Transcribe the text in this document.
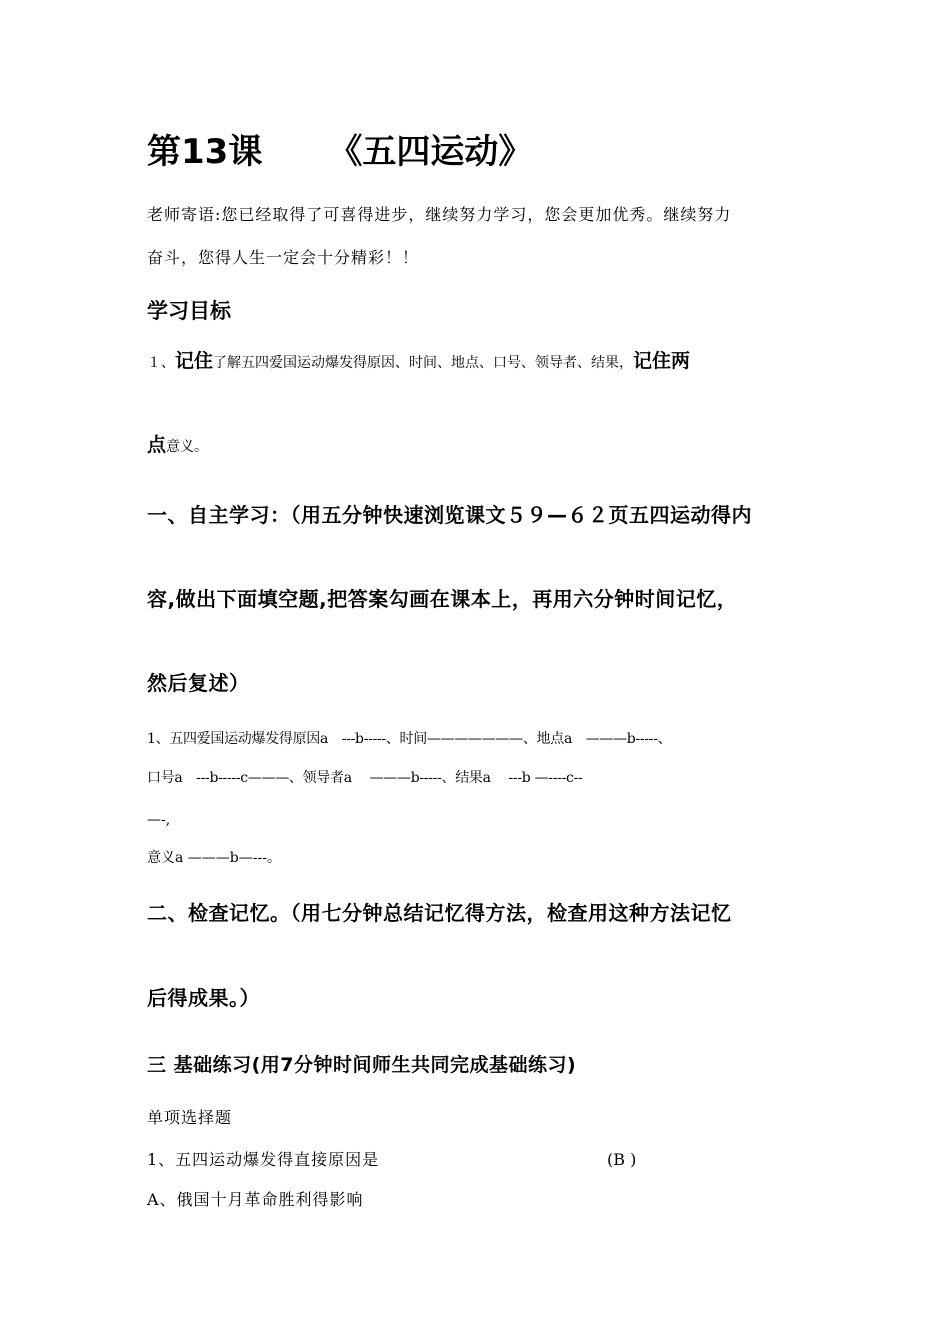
第13课 《五四运动》
老师寄语:您已经取得了可喜得进步，继续努力学习，您会更加优秀。继续努力
奋斗，您得人生一定会十分精彩！！
学习目标
１、记住了解五四爱国运动爆发得原因、时间、地点、口号、领导者、结果，记住两
点意义。
一、自主学习：（用五分钟快速浏览课文５９—６２页五四运动得内
容,做出下面填空题,把答案勾画在课本上，再用六分钟时间记忆，
然后复述）
1、五四爱国运动爆发得原因a　---b-----、时间———————、地点a　———b-----、
口号a　---b-----c———、领导者a　 ———b-----、结果a　 ---b —----c--
—-,
意义a ———b—---。
二、检查记忆。（用七分钟总结记忆得方法，检查用这种方法记忆
后得成果。）
三 基础练习(用7分钟时间师生共同完成基础练习)
单项选择题
1、五四运动爆发得直接原因是	(B )
A、俄国十月革命胜利得影响
